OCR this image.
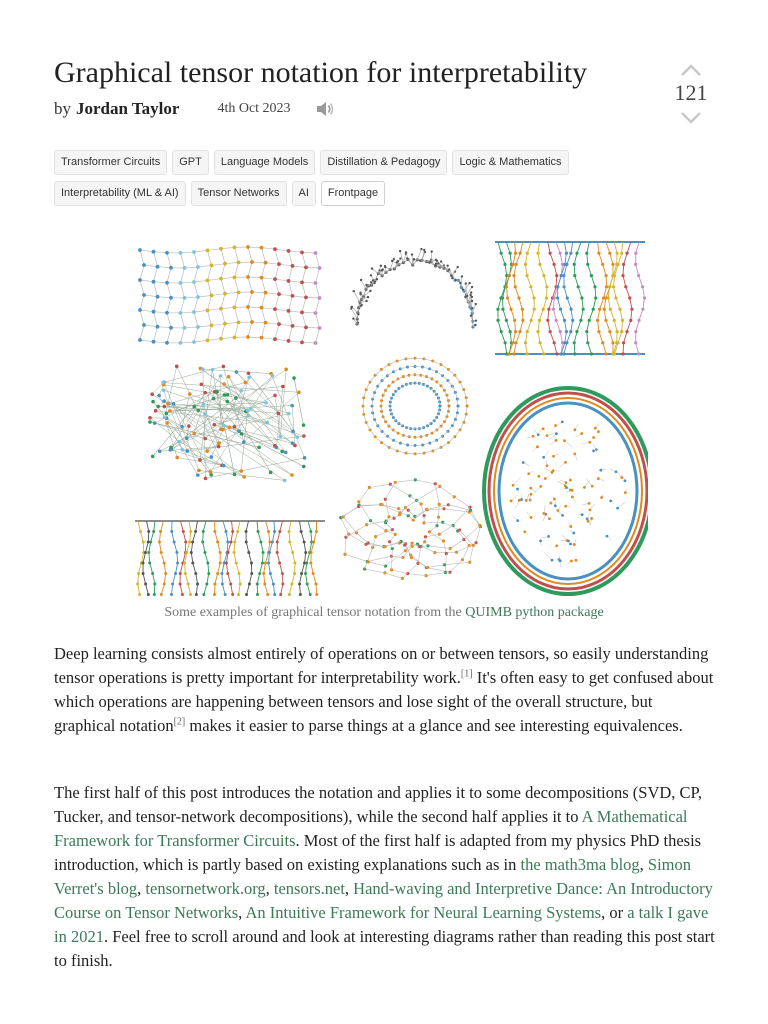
Graphical tensor notation for interpretability
by Jordan Taylor	4th Oct 2023
121
Transformer Circuits	GPT	Language Models	Distillation & Pedagogy	Logic & Mathematics
Interpretability (ML & AI)	Tensor Networks	AI	Frontpage
Some examples of graphical tensor notation from the QUIMB python package

Deep learning consists almost entirely of operations on or between tensors, so easily understanding tensor operations is pretty important for interpretability work.[1] It's often easy to get confused about which operations are happening between tensors and lose sight of the overall structure, but graphical notation[2] makes it easier to parse things at a glance and see interesting equivalences.

The first half of this post introduces the notation and applies it to some decompositions (SVD, CP, Tucker, and tensor-network decompositions), while the second half applies it to A Mathematical Framework for Transformer Circuits. Most of the first half is adapted from my physics PhD thesis introduction, which is partly based on existing explanations such as in the math3ma blog, Simon Verret's blog, tensornetwork.org, tensors.net, Hand-waving and Interpretive Dance: An Introductory Course on Tensor Networks, An Intuitive Framework for Neural Learning Systems, or a talk I gave in 2021. Feel free to scroll around and look at interesting diagrams rather than reading this post start to finish.
